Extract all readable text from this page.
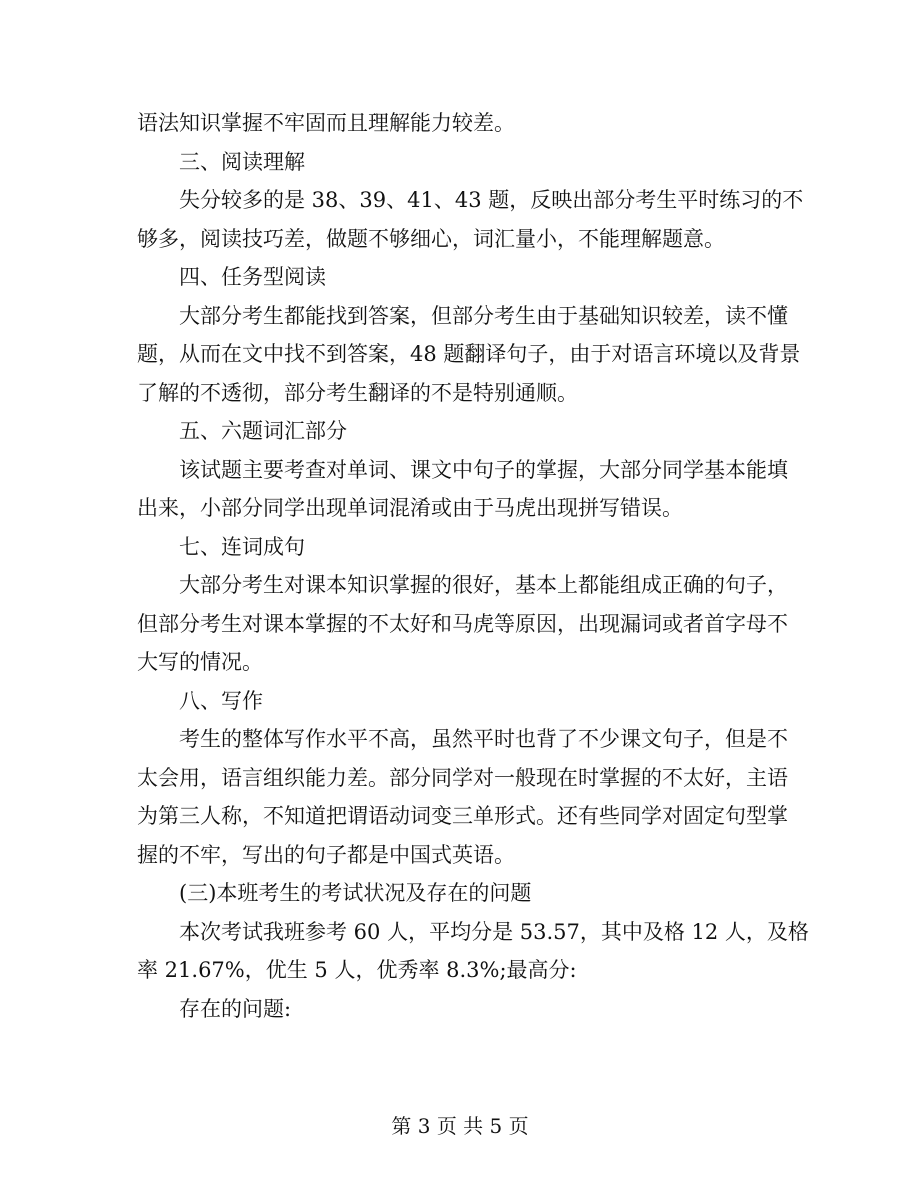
语法知识掌握不牢固而且理解能力较差。
三、阅读理解
失分较多的是 38、39、41、43 题，反映出部分考生平时练习的不
够多，阅读技巧差，做题不够细心，词汇量小，不能理解题意。
四、任务型阅读
大部分考生都能找到答案，但部分考生由于基础知识较差，读不懂
题，从而在文中找不到答案，48 题翻译句子，由于对语言环境以及背景
了解的不透彻，部分考生翻译的不是特别通顺。
五、六题词汇部分
该试题主要考查对单词、课文中句子的掌握，大部分同学基本能填
出来，小部分同学出现单词混淆或由于马虎出现拼写错误。
七、连词成句
大部分考生对课本知识掌握的很好，基本上都能组成正确的句子，
但部分考生对课本掌握的不太好和马虎等原因，出现漏词或者首字母不
大写的情况。
八、写作
考生的整体写作水平不高，虽然平时也背了不少课文句子，但是不
太会用，语言组织能力差。部分同学对一般现在时掌握的不太好，主语
为第三人称，不知道把谓语动词变三单形式。还有些同学对固定句型掌
握的不牢，写出的句子都是中国式英语。
(三)本班考生的考试状况及存在的问题
本次考试我班参考 60 人，平均分是 53.57，其中及格 12 人，及格
率 21.67%，优生 5 人，优秀率 8.3%;最高分:
存在的问题:
第 3 页 共 5 页
